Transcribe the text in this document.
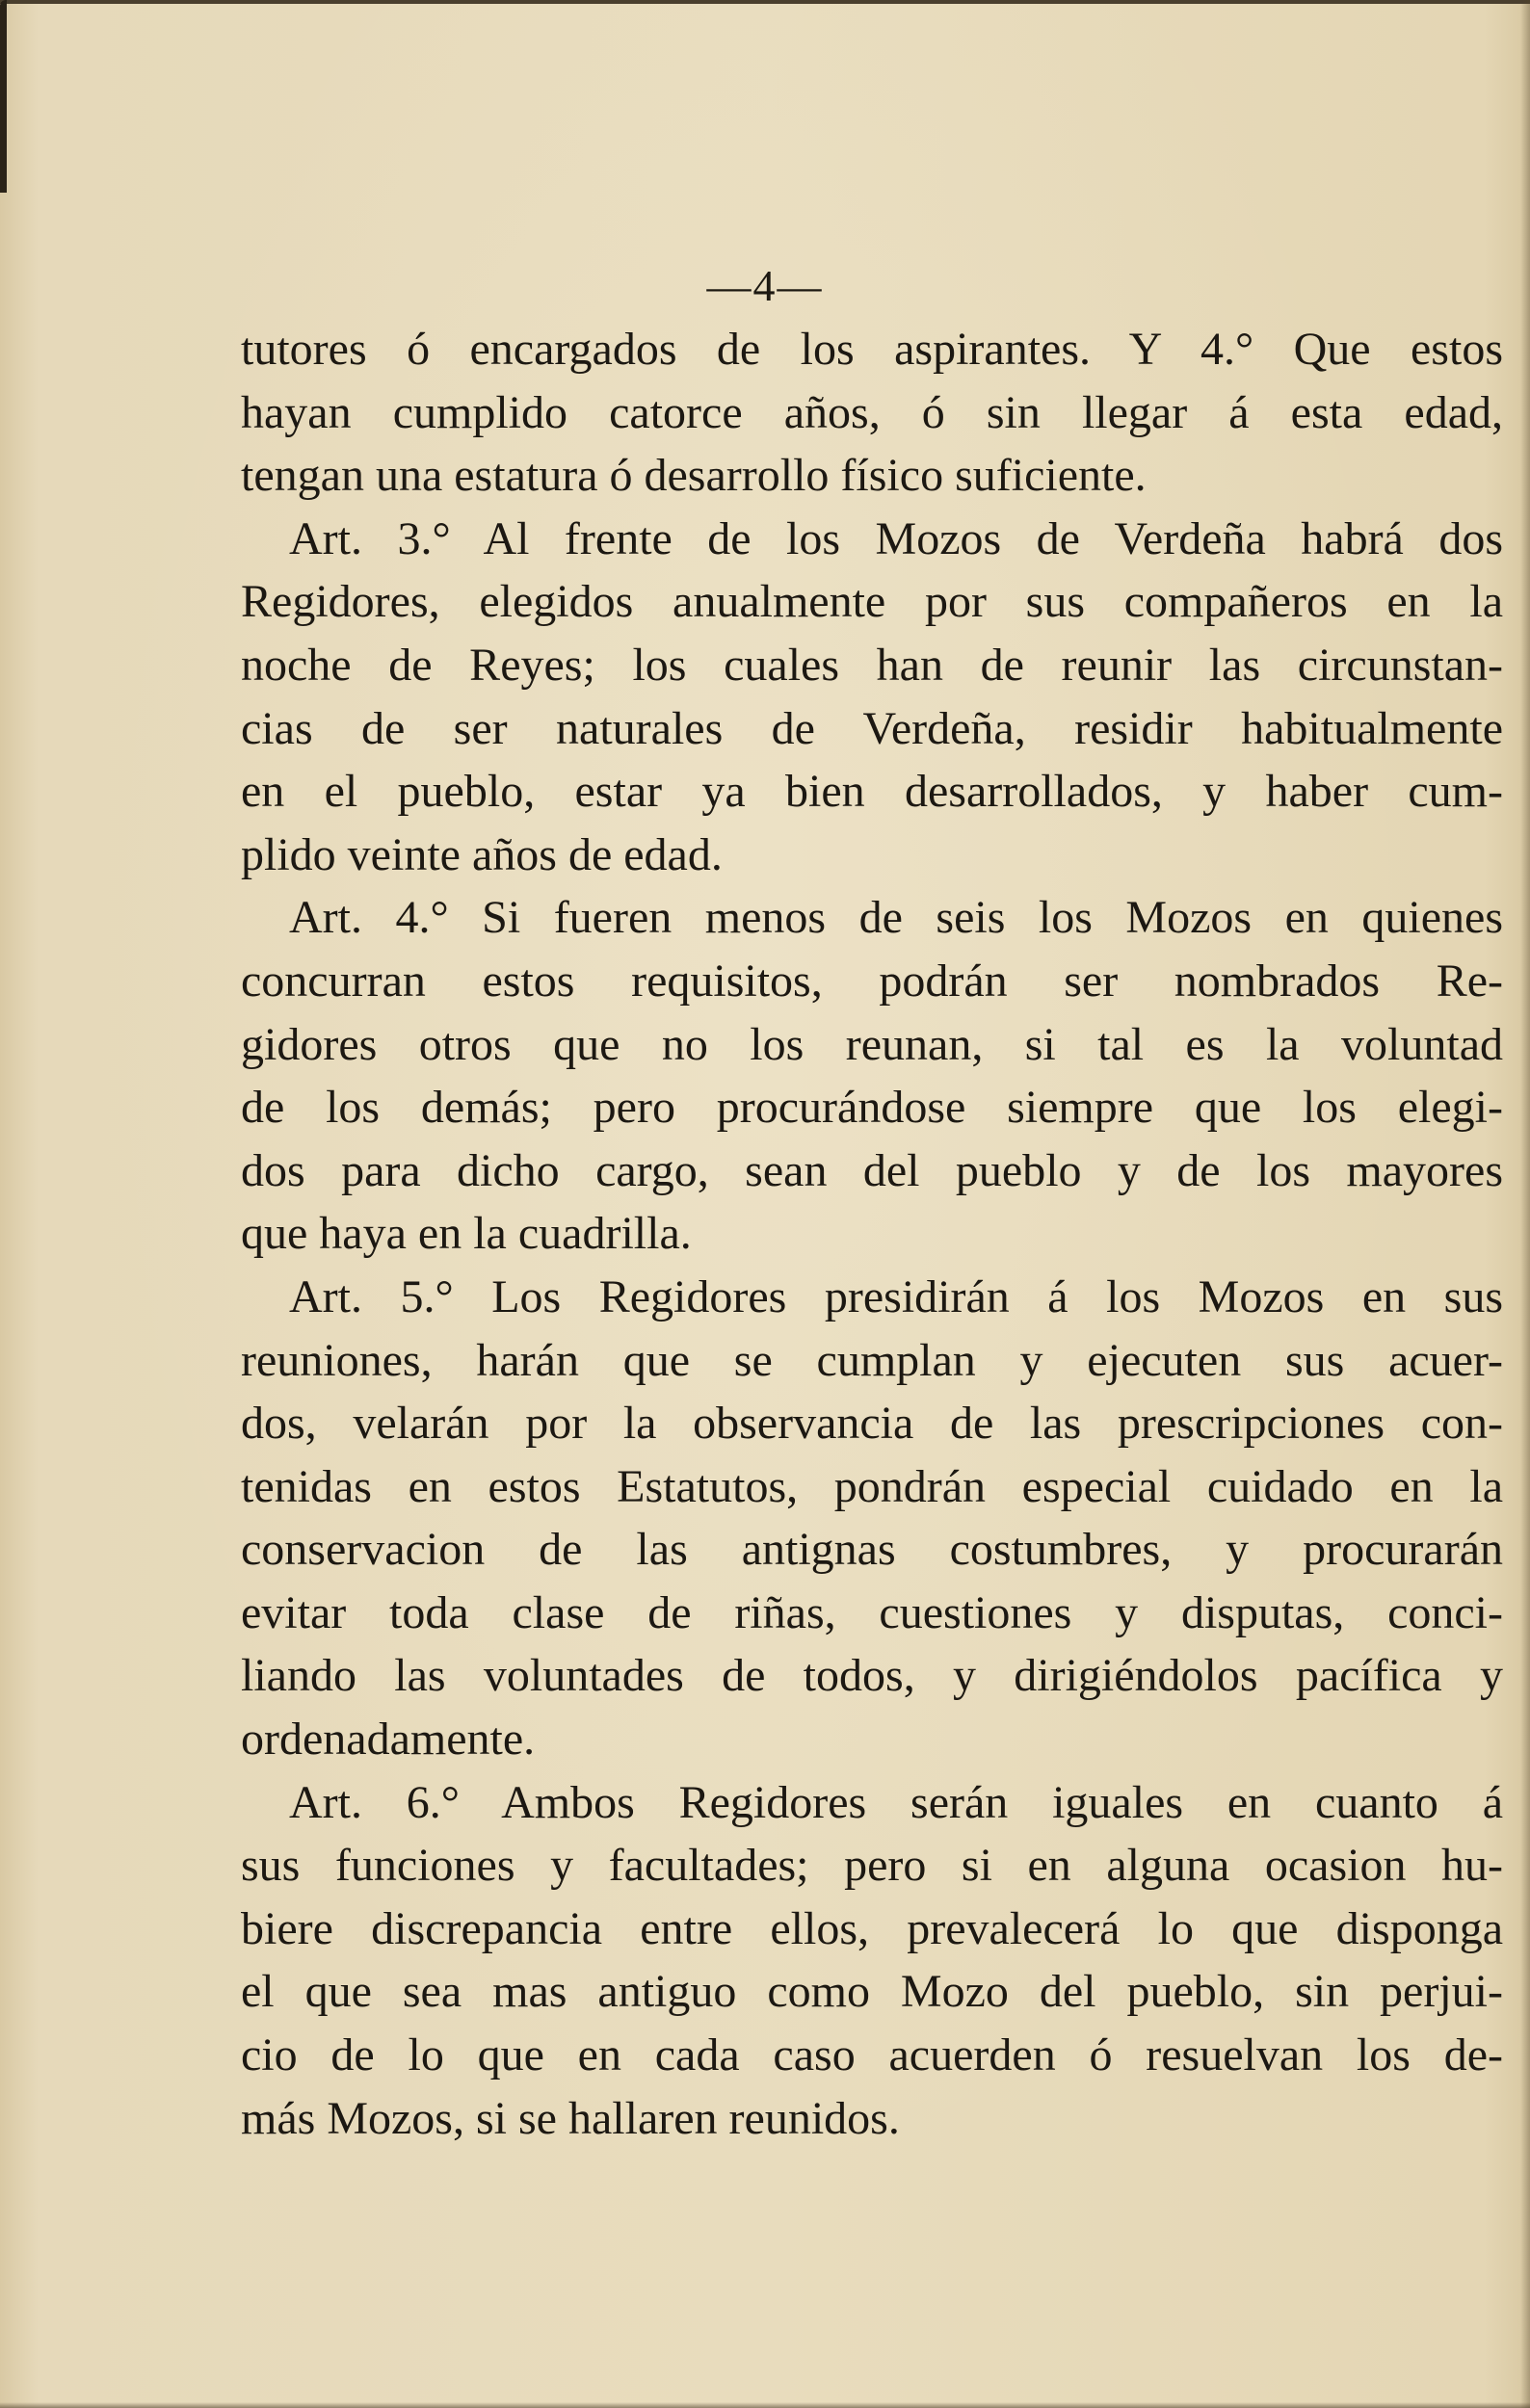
—4—
tutores ó encargados de los aspirantes. Y 4.° Que estos
hayan cumplido catorce años, ó sin llegar á esta edad,
tengan una estatura ó desarrollo físico suficiente.
Art. 3.° Al frente de los Mozos de Verdeña habrá dos
Regidores, elegidos anualmente por sus compañeros en la
noche de Reyes; los cuales han de reunir las circunstan-
cias de ser naturales de Verdeña, residir habitualmente
en el pueblo, estar ya bien desarrollados, y haber cum-
plido veinte años de edad.
Art. 4.° Si fueren menos de seis los Mozos en quienes
concurran estos requisitos, podrán ser nombrados Re-
gidores otros que no los reunan, si tal es la voluntad
de los demás; pero procurándose siempre que los elegi-
dos para dicho cargo, sean del pueblo y de los mayores
que haya en la cuadrilla.
Art. 5.° Los Regidores presidirán á los Mozos en sus
reuniones, harán que se cumplan y ejecuten sus acuer-
dos, velarán por la observancia de las prescripciones con-
tenidas en estos Estatutos, pondrán especial cuidado en la
conservacion de las antignas costumbres, y procurarán
evitar toda clase de riñas, cuestiones y disputas, conci-
liando las voluntades de todos, y dirigiéndolos pacífica y
ordenadamente.
Art. 6.° Ambos Regidores serán iguales en cuanto á
sus funciones y facultades; pero si en alguna ocasion hu-
biere discrepancia entre ellos, prevalecerá lo que disponga
el que sea mas antiguo como Mozo del pueblo, sin perjui-
cio de lo que en cada caso acuerden ó resuelvan los de-
más Mozos, si se hallaren reunidos.
